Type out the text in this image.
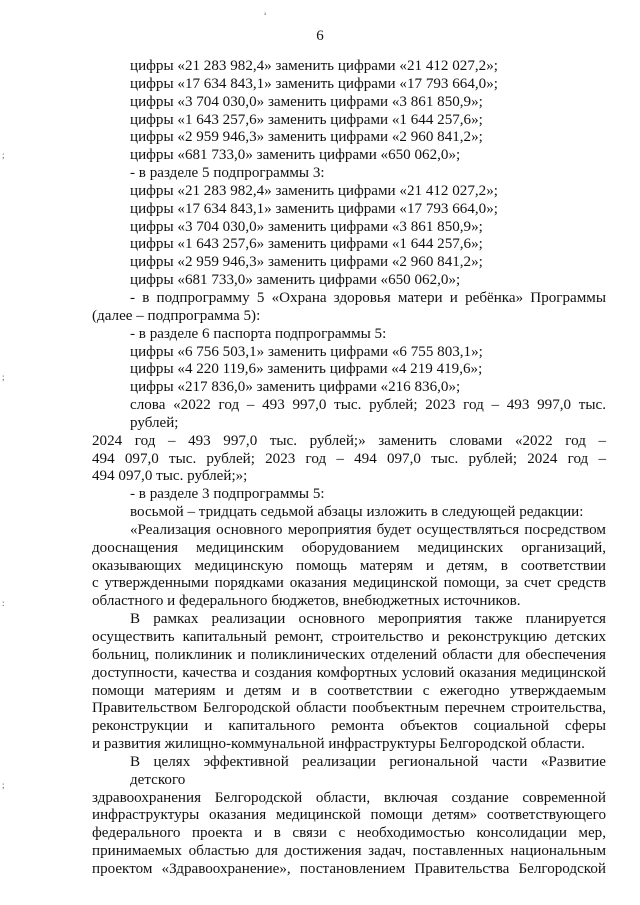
ₐ
6
;
;
:
;
цифры «21 283 982,4» заменить цифрами «21 412 027,2»;
цифры «17 634 843,1» заменить цифрами «17 793 664,0»;
цифры «3 704 030,0» заменить цифрами «3 861 850,9»;
цифры «1 643 257,6» заменить цифрами «1 644 257,6»;
цифры «2 959 946,3» заменить цифрами «2 960 841,2»;
цифры «681 733,0» заменить цифрами «650 062,0»;
- в разделе 5 подпрограммы 3:
цифры «21 283 982,4» заменить цифрами «21 412 027,2»;
цифры «17 634 843,1» заменить цифрами «17 793 664,0»;
цифры «3 704 030,0» заменить цифрами «3 861 850,9»;
цифры «1 643 257,6» заменить цифрами «1 644 257,6»;
цифры «2 959 946,3» заменить цифрами «2 960 841,2»;
цифры «681 733,0» заменить цифрами «650 062,0»;
- в подпрограмму 5 «Охрана здоровья матери и ребёнка» Программы
(далее – подпрограмма 5):
- в разделе 6 паспорта подпрограммы 5:
цифры «6 756 503,1» заменить цифрами «6 755 803,1»;
цифры «4 220 119,6» заменить цифрами «4 219 419,6»;
цифры «217 836,0» заменить цифрами «216 836,0»;
слова «2022 год – 493 997,0 тыс. рублей; 2023 год – 493 997,0 тыс. рублей;
2024 год – 493 997,0 тыс. рублей;» заменить словами «2022 год –
494 097,0 тыс. рублей; 2023 год – 494 097,0 тыс. рублей; 2024 год –
494 097,0 тыс. рублей;»;
- в разделе 3 подпрограммы 5:
восьмой – тридцать седьмой абзацы изложить в следующей редакции:
«Реализация основного мероприятия будет осуществляться посредством
дооснащения медицинским оборудованием медицинских организаций,
оказывающих медицинскую помощь матерям и детям, в соответствии
с утвержденными порядками оказания медицинской помощи, за счет средств
областного и федерального бюджетов, внебюджетных источников.
В рамках реализации основного мероприятия также планируется
осуществить капитальный ремонт, строительство и реконструкцию детских
больниц, поликлиник и поликлинических отделений области для обеспечения
доступности, качества и создания комфортных условий оказания медицинской
помощи материям и детям и в соответствии с ежегодно утверждаемым
Правительством Белгородской области пообъектным перечнем строительства,
реконструкции и капитального ремонта объектов социальной сферы
и развития жилищно-коммунальной инфраструктуры Белгородской области.
В целях эффективной реализации региональной части «Развитие детского
здравоохранения Белгородской области, включая создание современной
инфраструктуры оказания медицинской помощи детям» соответствующего
федерального проекта и в связи с необходимостью консолидации мер,
принимаемых областью для достижения задач, поставленных национальным
проектом «Здравоохранение», постановлением Правительства Белгородской
